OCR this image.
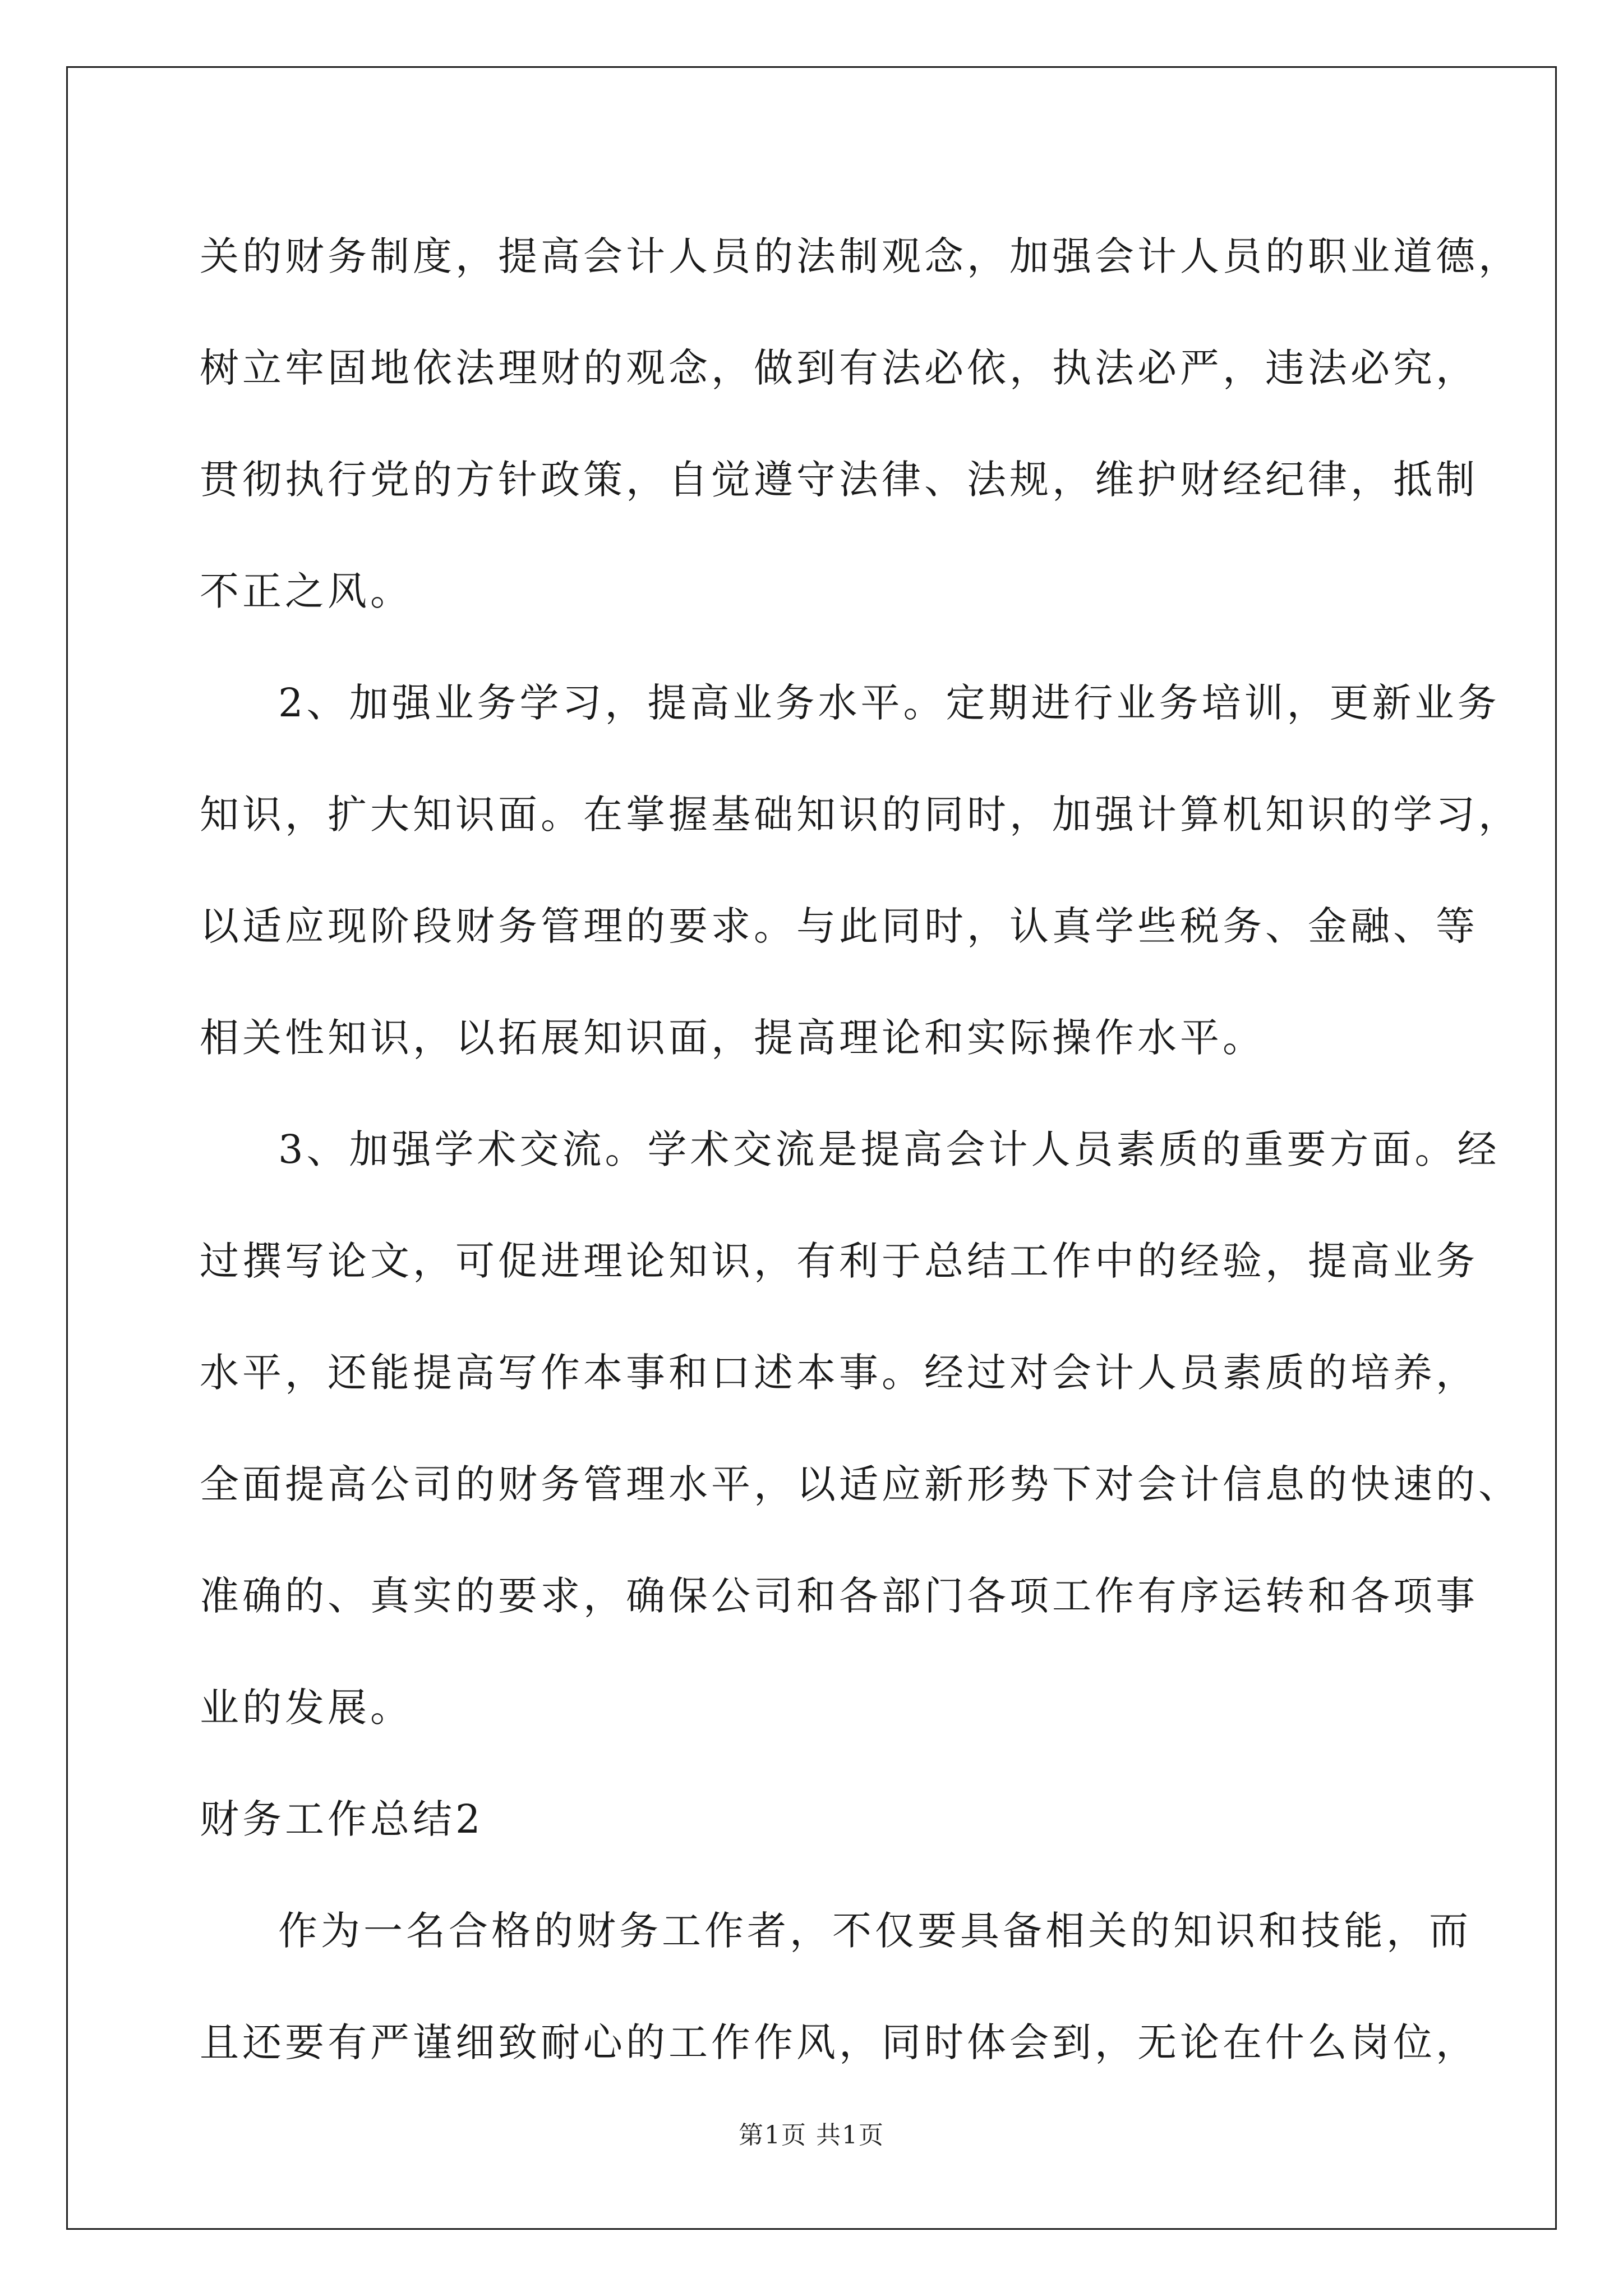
关的财务制度，提高会计人员的法制观念，加强会计人员的职业道德，
树立牢固地依法理财的观念，做到有法必依，执法必严，违法必究，
贯彻执行党的方针政策，自觉遵守法律、法规，维护财经纪律，抵制
不正之风。
2、加强业务学习，提高业务水平。定期进行业务培训，更新业务
知识，扩大知识面。在掌握基础知识的同时，加强计算机知识的学习，
以适应现阶段财务管理的要求。与此同时，认真学些税务、金融、等
相关性知识，以拓展知识面，提高理论和实际操作水平。
3、加强学术交流。学术交流是提高会计人员素质的重要方面。经
过撰写论文，可促进理论知识，有利于总结工作中的经验，提高业务
水平，还能提高写作本事和口述本事。经过对会计人员素质的培养，
全面提高公司的财务管理水平，以适应新形势下对会计信息的快速的、
准确的、真实的要求，确保公司和各部门各项工作有序运转和各项事
业的发展。
财务工作总结2
作为一名合格的财务工作者，不仅要具备相关的知识和技能，而
且还要有严谨细致耐心的工作作风，同时体会到，无论在什么岗位，
第1页 共1页
